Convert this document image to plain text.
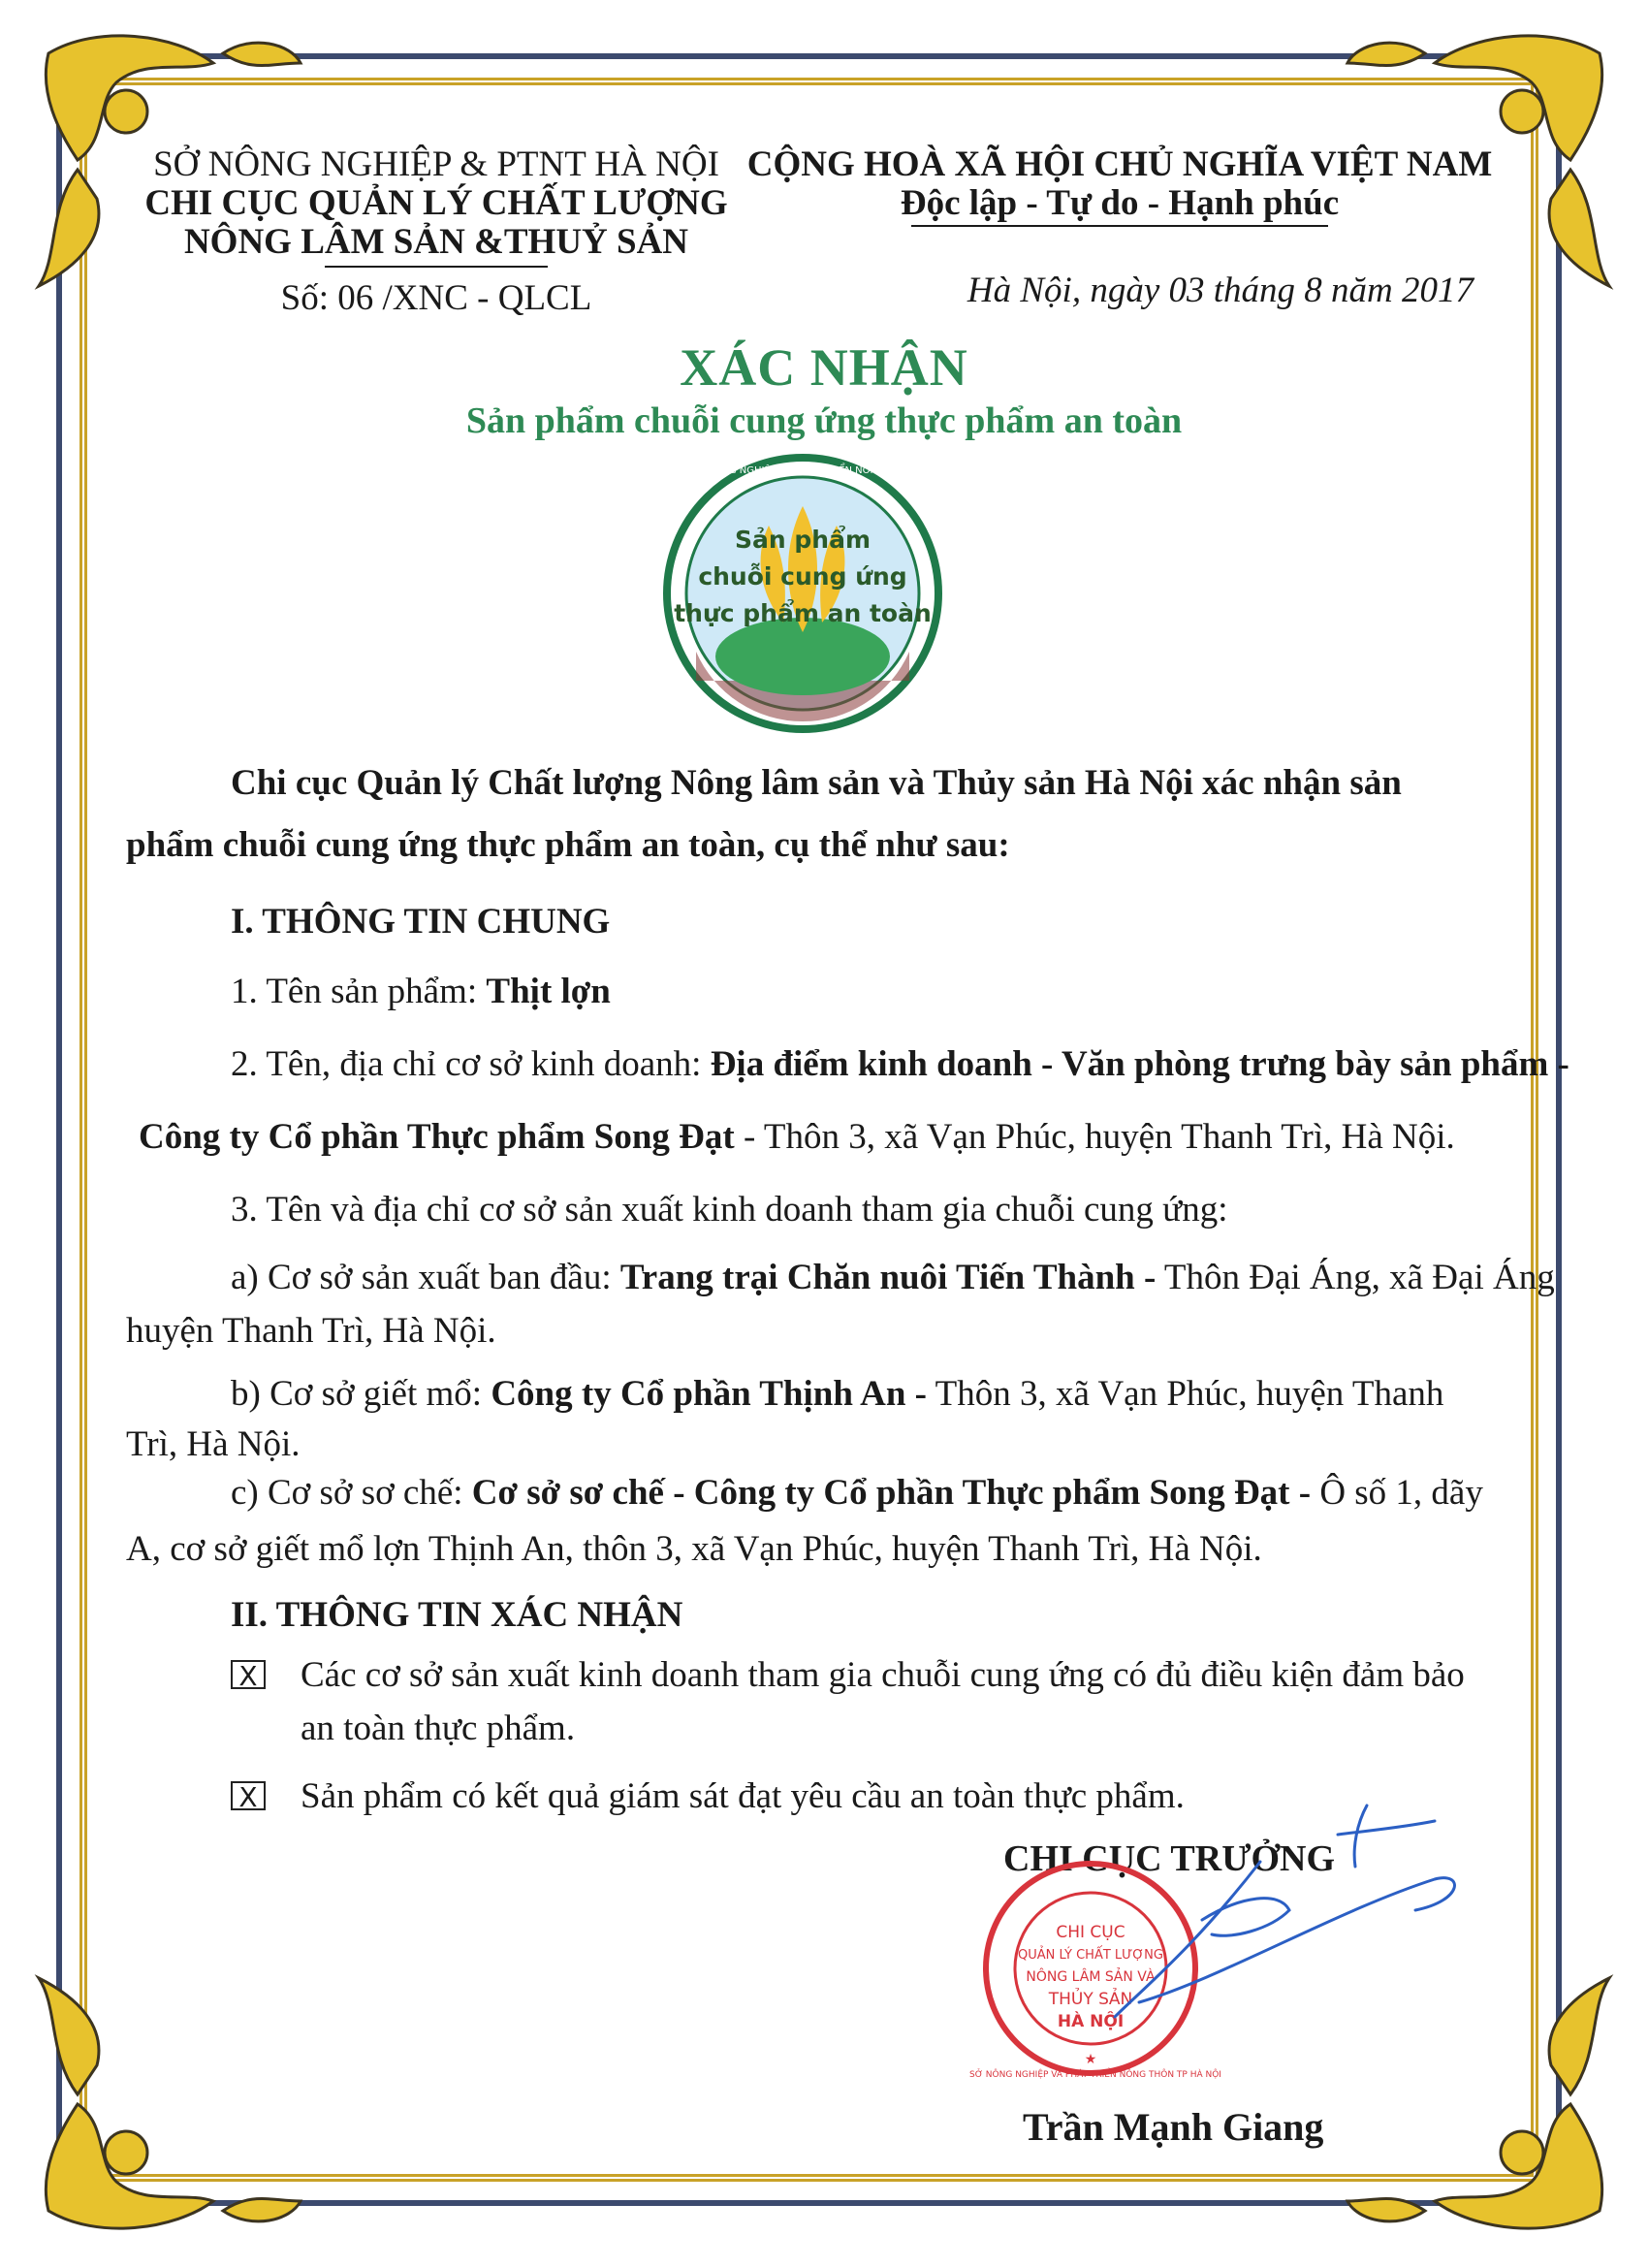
SỞ NÔNG NGHIỆP & PTNT HÀ NỘI
CHI CỤC QUẢN LÝ CHẤT LƯỢNG
NÔNG LÂM SẢN &THUỶ SẢN
Số: 06 /XNC - QLCL
CỘNG HOÀ XÃ HỘI CHỦ NGHĨA VIỆT NAM
Độc lập - Tự do - Hạnh phúc
Hà Nội, ngày 03 tháng 8 năm 2017
XÁC NHẬN
Sản phẩm chuỗi cung ứng thực phẩm an toàn
Sản phẩm
chuỗi cung ứng
thực phẩm an toàn
BỘ NÔNG NGHIỆP VÀ PHÁT TRIỂN NÔNG THÔN
Chi cục Quản lý Chất lượng Nông lâm sản và Thủy sản Hà Nội xác nhận sản
phẩm chuỗi cung ứng thực phẩm an toàn, cụ thể như sau:
I. THÔNG TIN CHUNG
1. Tên sản phẩm: Thịt lợn
2. Tên, địa chỉ cơ sở kinh doanh: Địa điểm kinh doanh - Văn phòng trưng bày sản phẩm -
Công ty Cổ phần Thực phẩm Song Đạt - Thôn 3, xã Vạn Phúc, huyện Thanh Trì, Hà Nội.
3. Tên và địa chỉ cơ sở sản xuất kinh doanh tham gia chuỗi cung ứng:
a) Cơ sở sản xuất ban đầu: Trang trại Chăn nuôi Tiến Thành - Thôn Đại Áng, xã Đại Áng
huyện Thanh Trì, Hà Nội.
b) Cơ sở giết mổ: Công ty Cổ phần Thịnh An - Thôn 3, xã Vạn Phúc, huyện Thanh
Trì, Hà Nội.
c) Cơ sở sơ chế: Cơ sở sơ chế - Công ty Cổ phần Thực phẩm Song Đạt - Ô số 1, dãy
A, cơ sở giết mổ lợn Thịnh An, thôn 3, xã Vạn Phúc, huyện Thanh Trì, Hà Nội.
II. THÔNG TIN XÁC NHẬN
X Các cơ sở sản xuất kinh doanh tham gia chuỗi cung ứng có đủ điều kiện đảm bảo
an toàn thực phẩm.
X Sản phẩm có kết quả giám sát đạt yêu cầu an toàn thực phẩm.
CHI CỤC TRƯỞNG
★
CHI CỤC
QUẢN LÝ CHẤT LƯỢNG
NÔNG LÂM SẢN VÀ
THỦY SẢN
HÀ NỘI
SỞ NÔNG NGHIỆP VÀ PHÁT TRIỂN NÔNG THÔN TP HÀ NỘI
Trần Mạnh Giang
